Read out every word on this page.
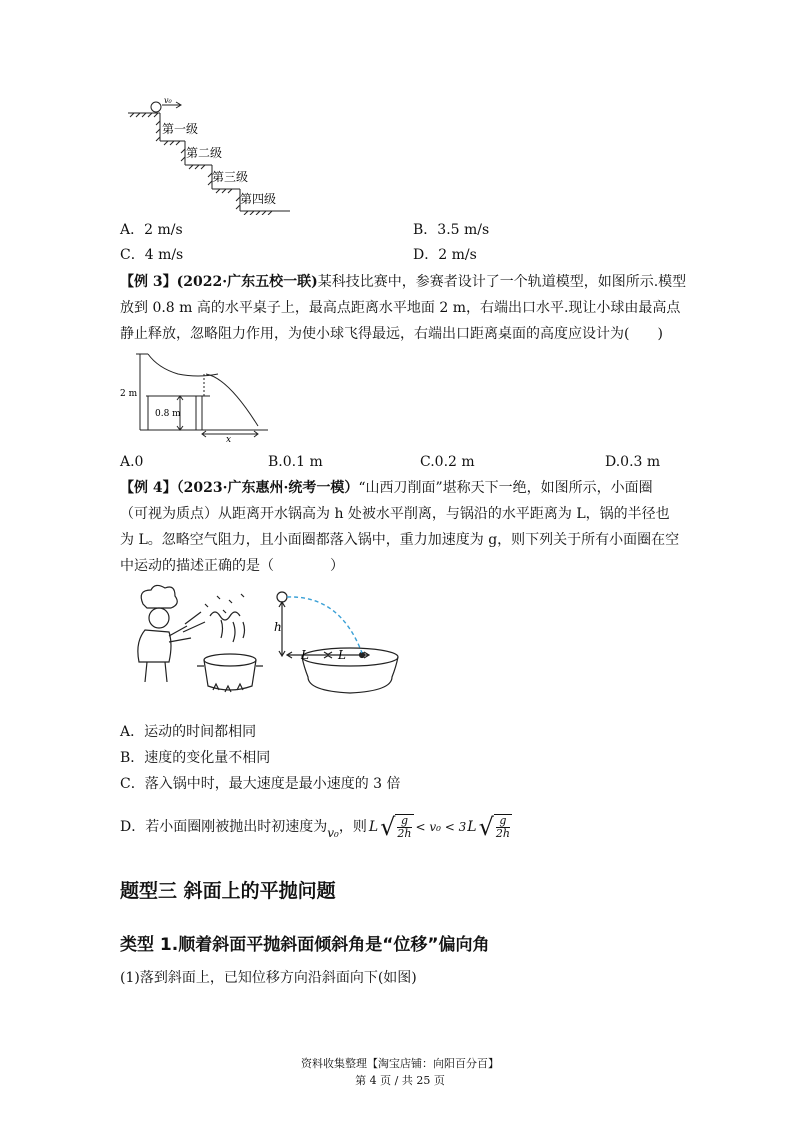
v₀
第一级
第二级
第三级
第四级
A．2 m/s	B．3.5 m/s
C．4 m/s	D．2 m/s
【例 3】(2022·广东五校一联)某科技比赛中，参赛者设计了一个轨道模型，如图所示.模型
放到 0.8 m 高的水平桌子上，最高点距离水平地面 2 m，右端出口水平.现让小球由最高点
静止释放，忽略阻力作用，为使小球飞得最远，右端出口距离桌面的高度应设计为(　　)
2 m
0.8 m
x
A.0	B.0.1 m	C.0.2 m	D.0.3 m
【例 4】（2023·广东惠州·统考一模）“山西刀削面”堪称天下一绝，如图所示，小面圈
（可视为质点）从距离开水锅高为 h 处被水平削离，与锅沿的水平距离为 L，锅的半径也
为 L。忽略空气阻力，且小面圈都落入锅中，重力加速度为 g，则下列关于所有小面圈在空
中运动的描述正确的是（　　　　）
h
L L
A．运动的时间都相同
B．速度的变化量不相同
C．落入锅中时，最大速度是最小速度的 3 倍
D．若小面圈刚被抛出时初速度为 v₀ ，则 L √ $\frac{g}{2h} < v_0 < 3$ L √ $\frac{g}{2h}$
题型三 斜面上的平抛问题
类型 1.顺着斜面平抛斜面倾斜角是“位移”偏向角
(1)落到斜面上，已知位移方向沿斜面向下(如图)
资料收集整理【淘宝店铺：向阳百分百】
第 4 页 / 共 25 页
